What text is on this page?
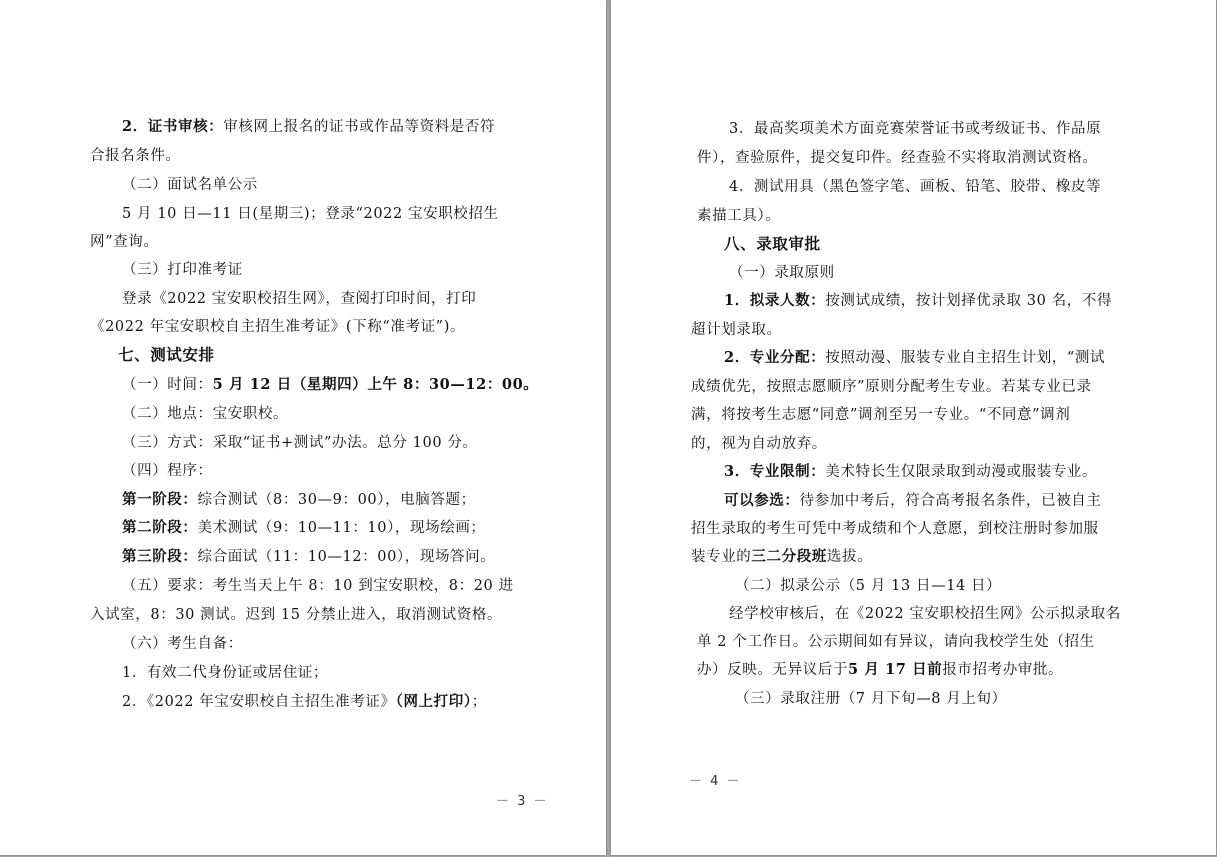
2．证书审核：审核网上报名的证书或作品等资料是否符
合报名条件。
（二）面试名单公示
5 月 10 日—11 日(星期三)；登录“2022 宝安职校招生
网”查询。
（三）打印准考证
登录《2022 宝安职校招生网》，查阅打印时间，打印
《2022 年宝安职校自主招生准考证》(下称“准考证”)。
七、测试安排
（一）时间：5 月 12 日（星期四）上午 8：30—12：00。
（二）地点：宝安职校。
（三）方式：采取“证书+测试”办法。总分 100 分。
（四）程序：
第一阶段：综合测试（8：30—9：00），电脑答题；
第二阶段：美术测试（9：10—11：10），现场绘画；
第三阶段：综合面试（11：10—12：00），现场答问。
（五）要求：考生当天上午 8：10 到宝安职校，8：20 进
入试室，8：30 测试。迟到 15 分禁止进入，取消测试资格。
（六）考生自备：
1．有效二代身份证或居住证；
2．《2022 年宝安职校自主招生准考证》（网上打印）；
－ 3 －
3．最高奖项美术方面竞赛荣誉证书或考级证书、作品原
件），查验原件，提交复印件。经查验不实将取消测试资格。
4．测试用具（黑色签字笔、画板、铅笔、胶带、橡皮等
素描工具）。
八、录取审批
（一）录取原则
1．拟录人数：按测试成绩，按计划择优录取 30 名，不得
超计划录取。
2．专业分配：按照动漫、服装专业自主招生计划，“测试
成绩优先，按照志愿顺序”原则分配考生专业。若某专业已录
满，将按考生志愿“同意”调剂至另一专业。“不同意”调剂
的，视为自动放弃。
3．专业限制：美术特长生仅限录取到动漫或服装专业。
可以参选：待参加中考后，符合高考报名条件，已被自主
招生录取的考生可凭中考成绩和个人意愿，到校注册时参加服
装专业的三二分段班选拔。
（二）拟录公示（5 月 13 日—14 日）
经学校审核后，在《2022 宝安职校招生网》公示拟录取名
单 2 个工作日。公示期间如有异议，请向我校学生处（招生
办）反映。无异议后于5 月 17 日前报市招考办审批。
（三）录取注册（7 月下旬—8 月上旬）
－ 4 －
